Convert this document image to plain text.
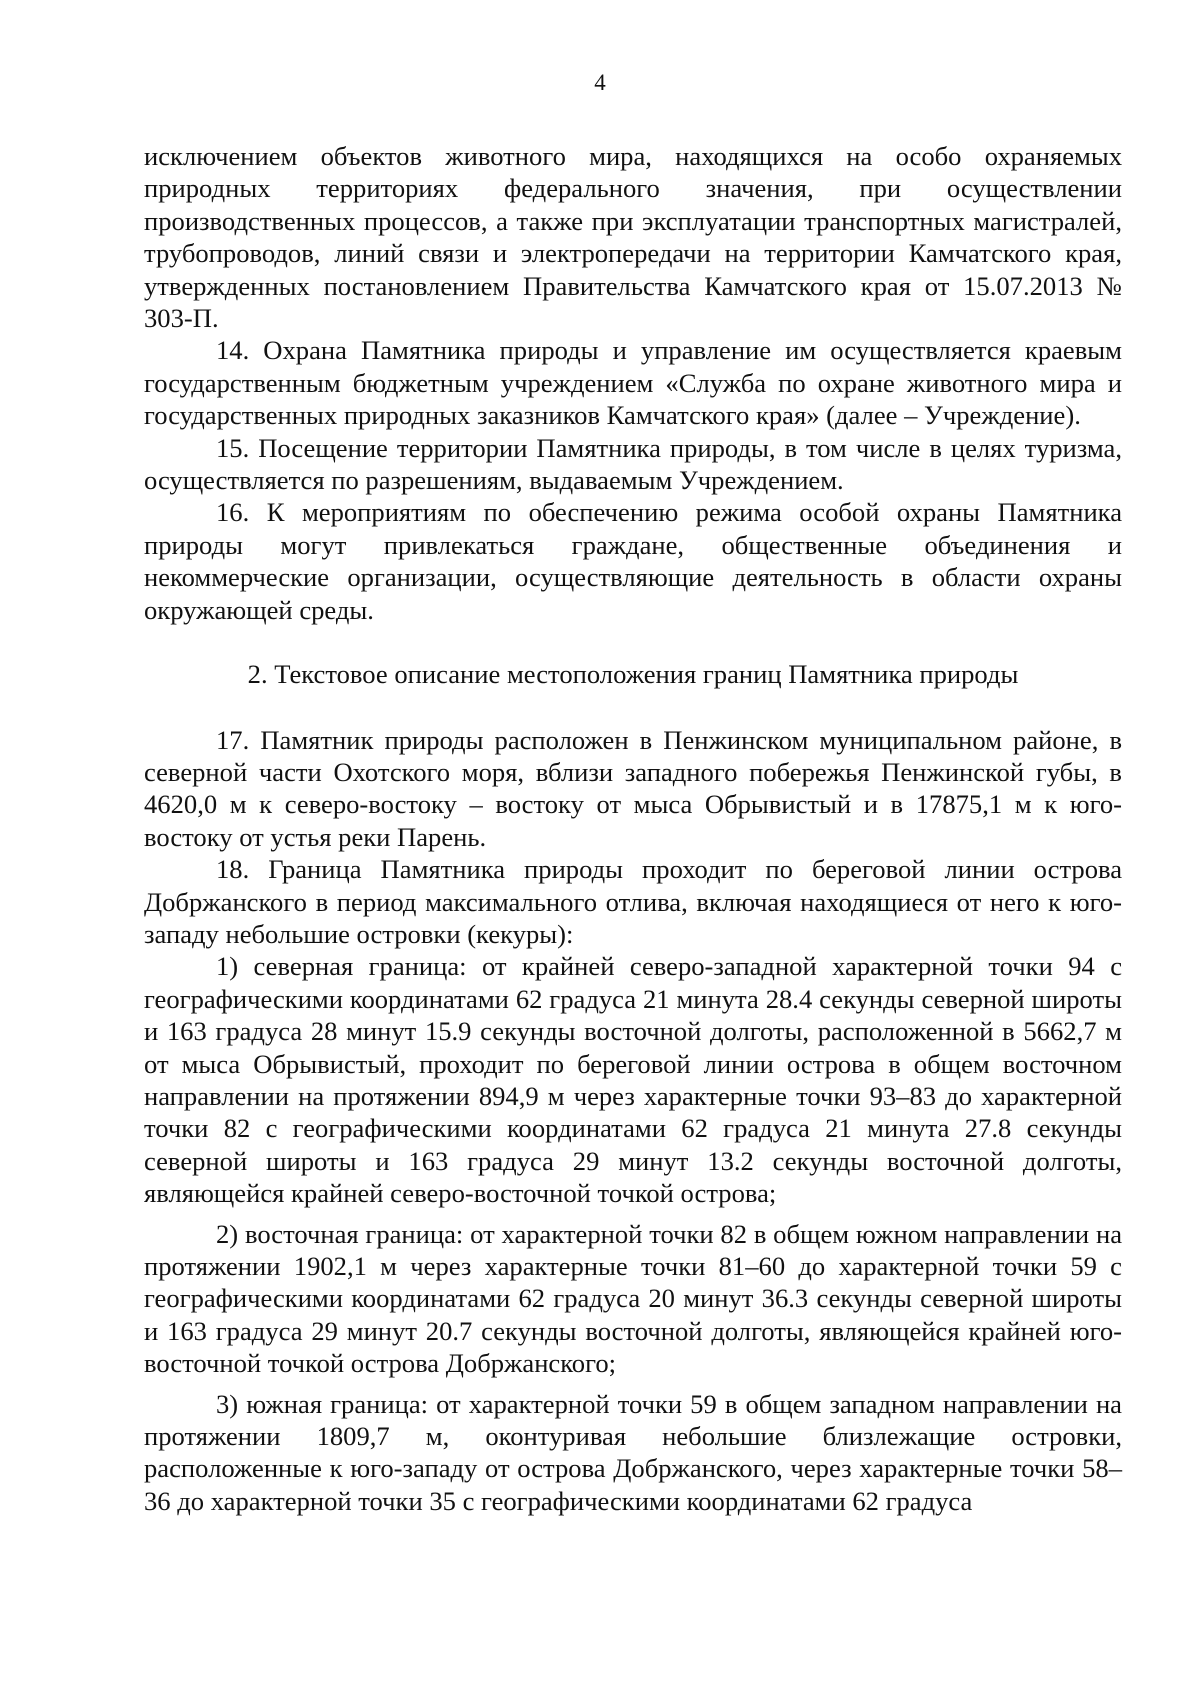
4

исключением объектов животного мира, находящихся на особо охраняемых природных территориях федерального значения, при осуществлении производственных процессов, а также при эксплуатации транспортных магистралей, трубопроводов, линий связи и электропередачи на территории Камчатского края, утвержденных постановлением Правительства Камчатского края от 15.07.2013 № 303-П.

14. Охрана Памятника природы и управление им осуществляется краевым государственным бюджетным учреждением «Служба по охране животного мира и государственных природных заказников Камчатского края» (далее – Учреждение).

15. Посещение территории Памятника природы, в том числе в целях туризма, осуществляется по разрешениям, выдаваемым Учреждением.

16. К мероприятиям по обеспечению режима особой охраны Памятника природы могут привлекаться граждане, общественные объединения и некоммерческие организации, осуществляющие деятельность в области охраны окружающей среды.

2. Текстовое описание местоположения границ Памятника природы

17. Памятник природы расположен в Пенжинском муниципальном районе, в северной части Охотского моря, вблизи западного побережья Пенжинской губы, в 4620,0 м к северо-востоку – востоку от мыса Обрывистый и в 17875,1 м к юго-востоку от устья реки Парень.

18. Граница Памятника природы проходит по береговой линии острова Добржанского в период максимального отлива, включая находящиеся от него к юго-западу небольшие островки (кекуры):

1) северная граница: от крайней северо-западной характерной точки 94 с географическими координатами 62 градуса 21 минута 28.4 секунды северной широты и 163 градуса 28 минут 15.9 секунды восточной долготы, расположенной в 5662,7 м от мыса Обрывистый, проходит по береговой линии острова в общем восточном направлении на протяжении 894,9 м через характерные точки 93–83 до характерной точки 82 с географическими координатами 62 градуса 21 минута 27.8 секунды северной широты и 163 градуса 29 минут 13.2 секунды восточной долготы, являющейся крайней северо-восточной точкой острова;

2) восточная граница: от характерной точки 82 в общем южном направлении на протяжении 1902,1 м через характерные точки 81–60 до характерной точки 59 с географическими координатами 62 градуса 20 минут 36.3 секунды северной широты и 163 градуса 29 минут 20.7 секунды восточной долготы, являющейся крайней юго-восточной точкой острова Добржанского;

3) южная граница: от характерной точки 59 в общем западном направлении на протяжении 1809,7 м, оконтуривая небольшие близлежащие островки, расположенные к юго-западу от острова Добржанского, через характерные точки 58–36 до характерной точки 35 с географическими координатами 62 градуса
